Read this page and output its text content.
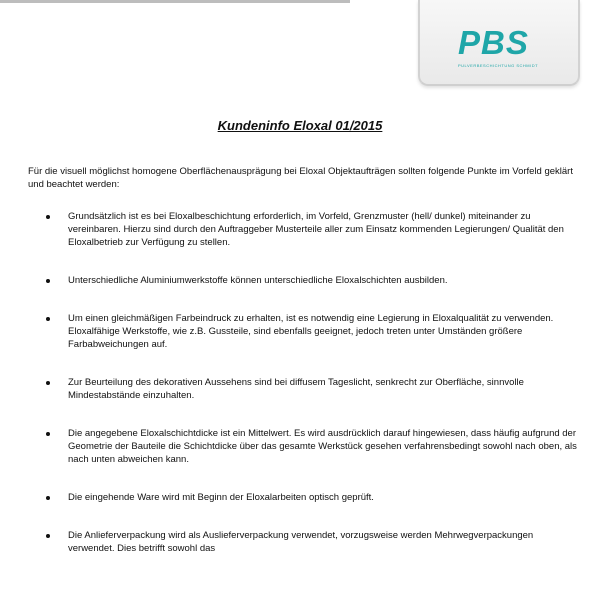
PBS
PULVERBESCHICHTUNG SCHMIDT
Kundeninfo Eloxal 01/2015

Für die visuell möglichst homogene Oberflächenausprägung bei Eloxal Objektaufträgen sollten folgende Punkte im Vorfeld geklärt und beachtet werden:

Grundsätzlich ist es bei Eloxalbeschichtung erforderlich, im Vorfeld, Grenzmuster (hell/ dunkel) miteinander zu vereinbaren. Hierzu sind durch den Auftraggeber Musterteile aller zum Einsatz kommenden Legierungen/ Qualität den Eloxalbetrieb zur Verfügung zu stellen.
Unterschiedliche Aluminiumwerkstoffe können unterschiedliche Eloxalschichten ausbilden.
Um einen gleichmäßigen Farbeindruck zu erhalten, ist es notwendig eine Legierung in Eloxalqualität zu verwenden. Eloxalfähige Werkstoffe, wie z.B. Gussteile, sind ebenfalls geeignet, jedoch treten unter Umständen größere Farbabweichungen auf.
Zur Beurteilung des dekorativen Aussehens sind bei diffusem Tageslicht, senkrecht zur Oberfläche, sinnvolle Mindestabstände einzuhalten.
Die angegebene Eloxalschichtdicke ist ein Mittelwert. Es wird ausdrücklich darauf hingewiesen, dass häufig aufgrund der Geometrie der Bauteile die Schichtdicke über das gesamte Werkstück gesehen verfahrensbedingt sowohl nach oben, als nach unten abweichen kann.
Die eingehende Ware wird mit Beginn der Eloxalarbeiten optisch geprüft.
Die Anlieferverpackung wird als Auslieferverpackung verwendet, vorzugsweise werden Mehrwegverpackungen verwendet. Dies betrifft sowohl das
